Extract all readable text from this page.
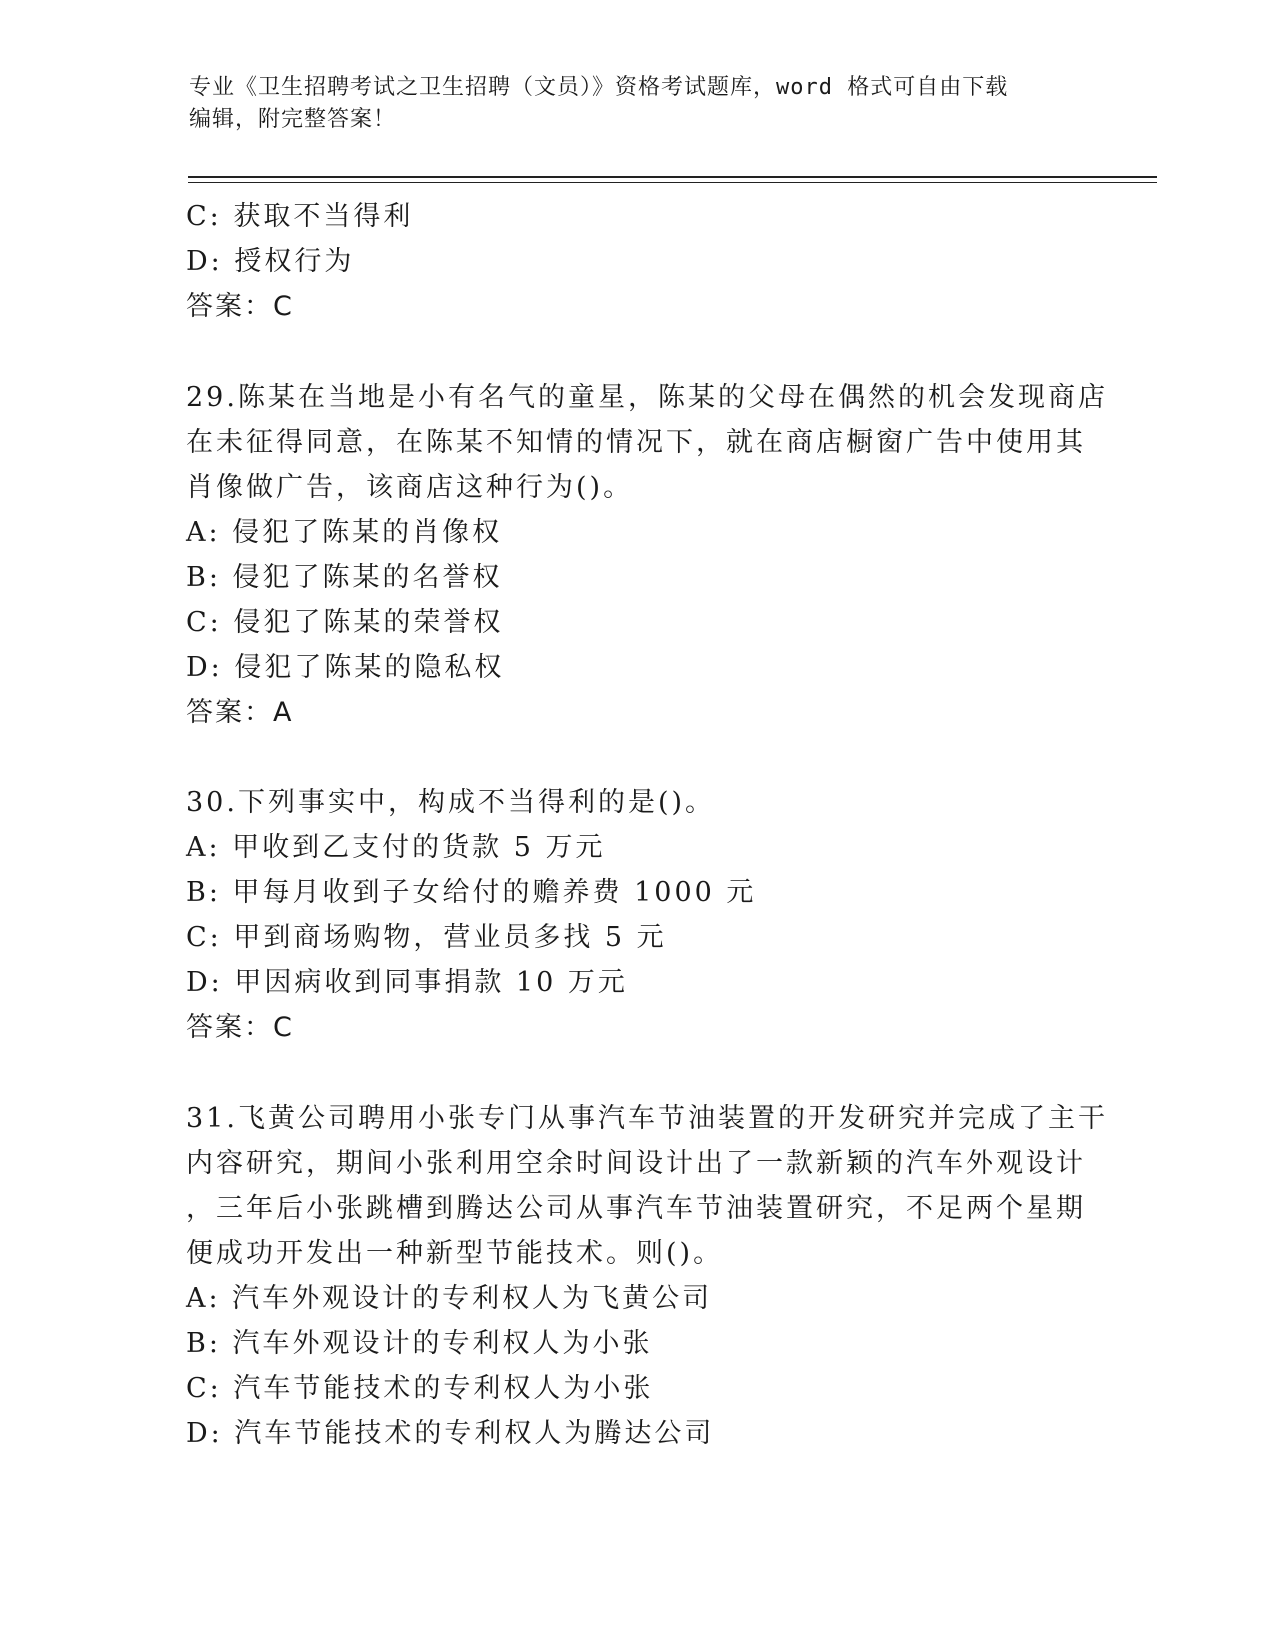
专业《卫生招聘考试之卫生招聘（文员）》资格考试题库，word 格式可自由下载
编辑，附完整答案！
C: 获取不当得利
D: 授权行为
答案：C
29.陈某在当地是小有名气的童星，陈某的父母在偶然的机会发现商店
在未征得同意，在陈某不知情的情况下，就在商店橱窗广告中使用其
肖像做广告，该商店这种行为()。
A: 侵犯了陈某的肖像权
B: 侵犯了陈某的名誉权
C: 侵犯了陈某的荣誉权
D: 侵犯了陈某的隐私权
答案：A
30.下列事实中，构成不当得利的是()。
A: 甲收到乙支付的货款 5 万元
B: 甲每月收到子女给付的赡养费 1000 元
C: 甲到商场购物，营业员多找 5 元
D: 甲因病收到同事捐款 10 万元
答案：C
31.飞黄公司聘用小张专门从事汽车节油装置的开发研究并完成了主干
内容研究，期间小张利用空余时间设计出了一款新颖的汽车外观设计
，三年后小张跳槽到腾达公司从事汽车节油装置研究，不足两个星期
便成功开发出一种新型节能技术。则()。
A: 汽车外观设计的专利权人为飞黄公司
B: 汽车外观设计的专利权人为小张
C: 汽车节能技术的专利权人为小张
D: 汽车节能技术的专利权人为腾达公司
